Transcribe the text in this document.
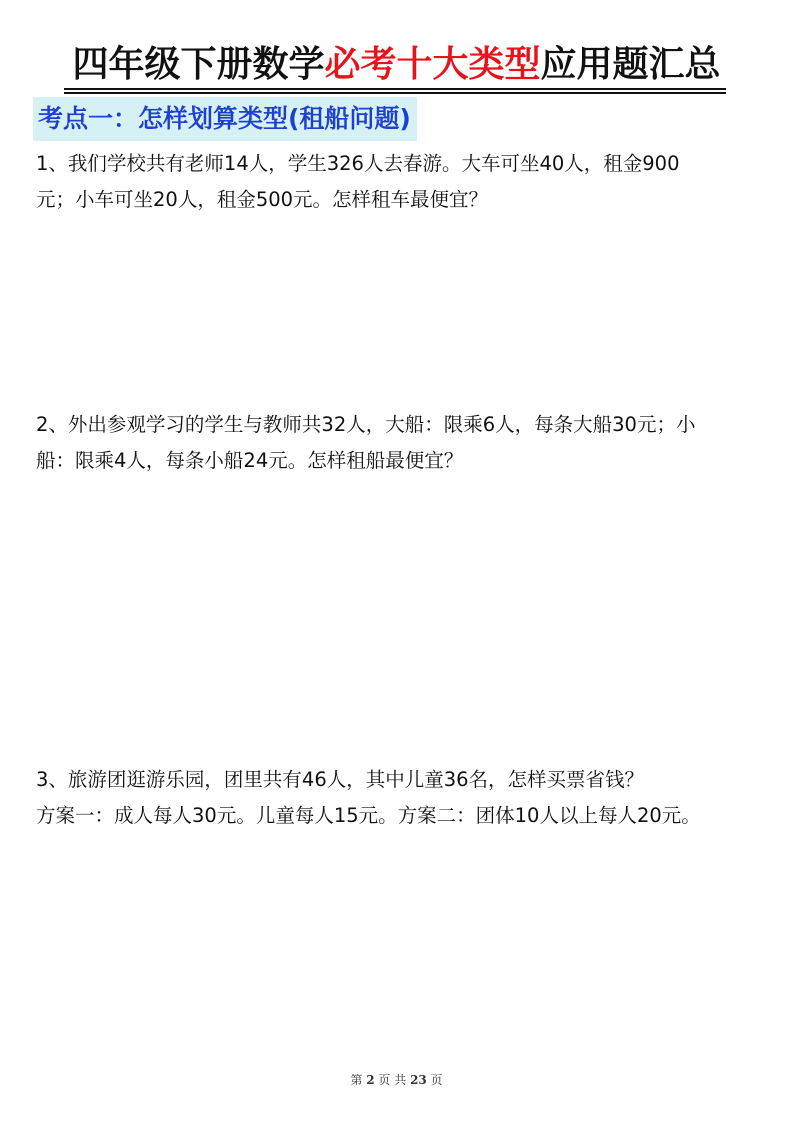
四年级下册数学必考十大类型应用题汇总
考点一：怎样划算类型(租船问题)

1、我们学校共有老师14人，学生326人去春游。大车可坐40人，租金900

元；小车可坐20人，租金500元。怎样租车最便宜？

2、外出参观学习的学生与教师共32人，大船：限乘6人，每条大船30元；小

船：限乘4人，每条小船24元。怎样租船最便宜？

3、旅游团逛游乐园，团里共有46人，其中儿童36名，怎样买票省钱？

方案一：成人每人30元。儿童每人15元。方案二：团体10人以上每人20元。

第 2 页 共 23 页
